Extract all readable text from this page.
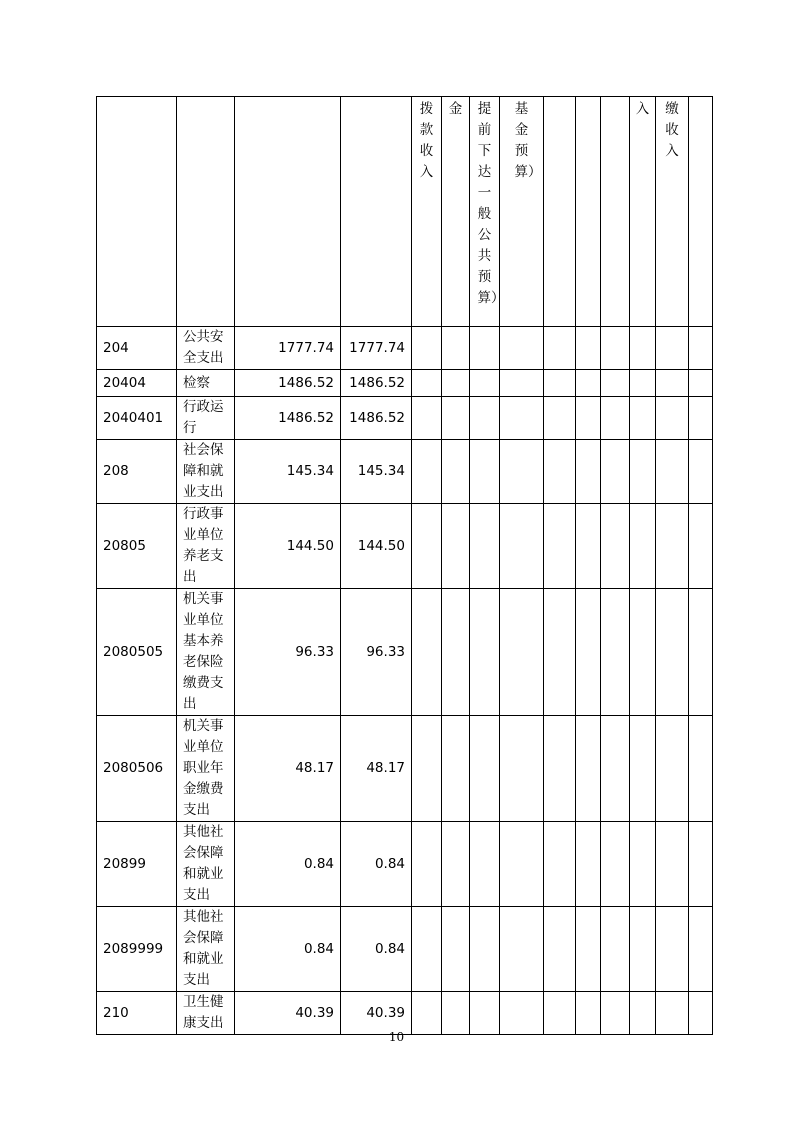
				拨款收入	金	提前下达一般公共预算）	基金预算）				入	缴收入	

204	公共安全支出	1777.74	1777.74										
20404	检察	1486.52	1486.52										
2040401	行政运行	1486.52	1486.52										
208	社会保障和就业支出	145.34	145.34										
20805	行政事业单位养老支出	144.50	144.50										
2080505	机关事业单位基本养老保险缴费支出	96.33	96.33										
2080506	机关事业单位职业年金缴费支出	48.17	48.17										
20899	其他社会保障和就业支出	0.84	0.84										
2089999	其他社会保障和就业支出	0.84	0.84										
210	卫生健康支出	40.39	40.39										
10
